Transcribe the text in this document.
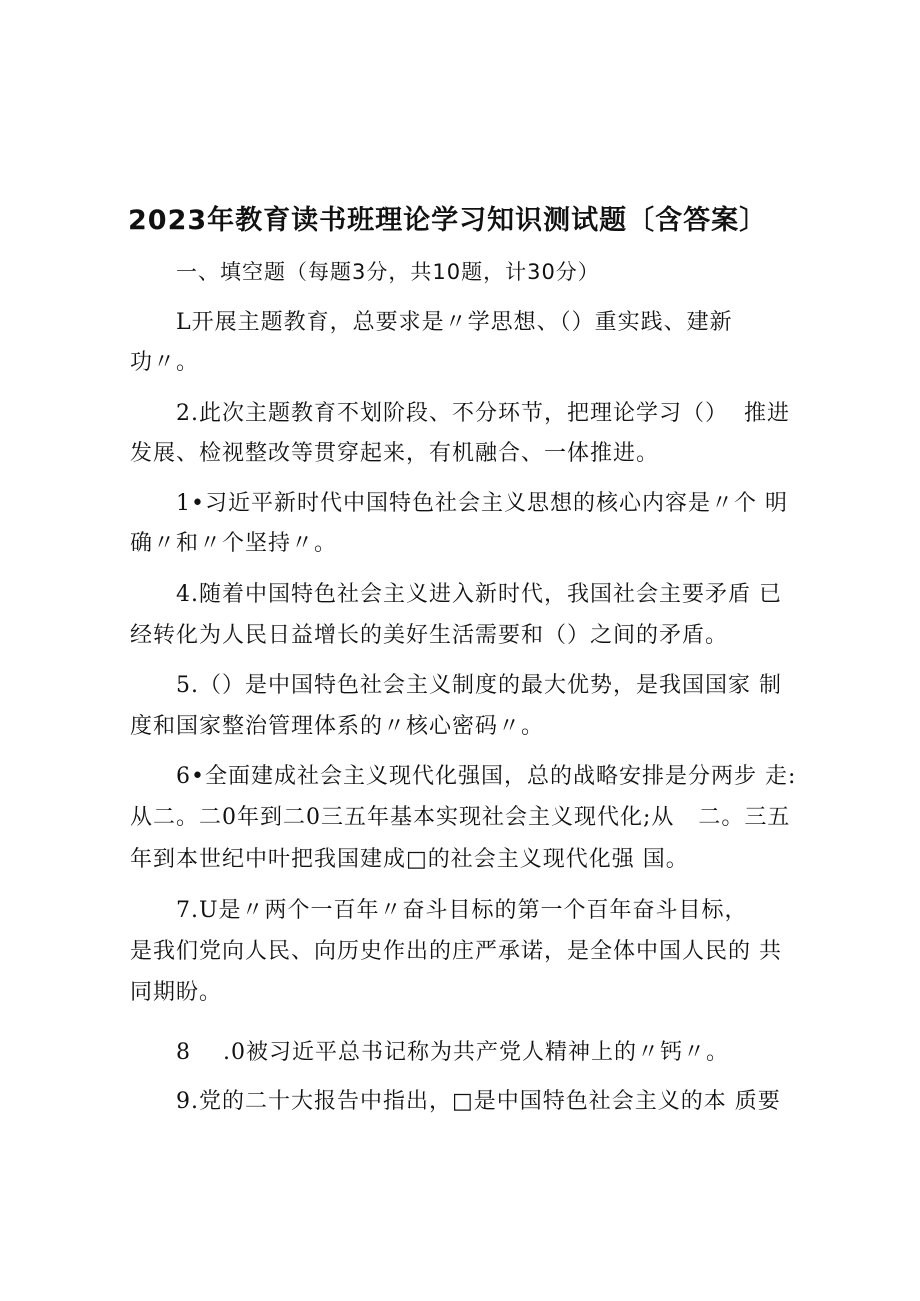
2023年教育读书班理论学习知识测试题〔含答案〕
一、填空题（每题3分，共10题，计30分）
L开展主题教育，总要求是〃学思想、（）重实践、建新
功〃。
2.此次主题教育不划阶段、不分环节，把理论学习（）  推进
发展、检视整改等贯穿起来，有机融合、一体推进。
1•习近平新时代中国特色社会主义思想的核心内容是〃个 明
确〃和〃个坚持〃。
4.随着中国特色社会主义进入新时代，我国社会主要矛盾 已
经转化为人民日益增长的美好生活需要和（）之间的矛盾。
5.（）是中国特色社会主义制度的最大优势，是我国国家 制
度和国家整治管理体系的〃核心密码〃。
6•全面建成社会主义现代化强国，总的战略安排是分两步 走:
从二。二0年到二0三五年基本实现社会主义现代化;从   二。三五
年到本世纪中叶把我国建成□的社会主义现代化强 国。
7.U是〃两个一百年〃奋斗目标的第一个百年奋斗目标，
是我们党向人民、向历史作出的庄严承诺，是全体中国人民的 共
同期盼。
8    .0被习近平总书记称为共产党人精神上的〃钙〃。
9.党的二十大报告中指出，□是中国特色社会主义的本 质要
